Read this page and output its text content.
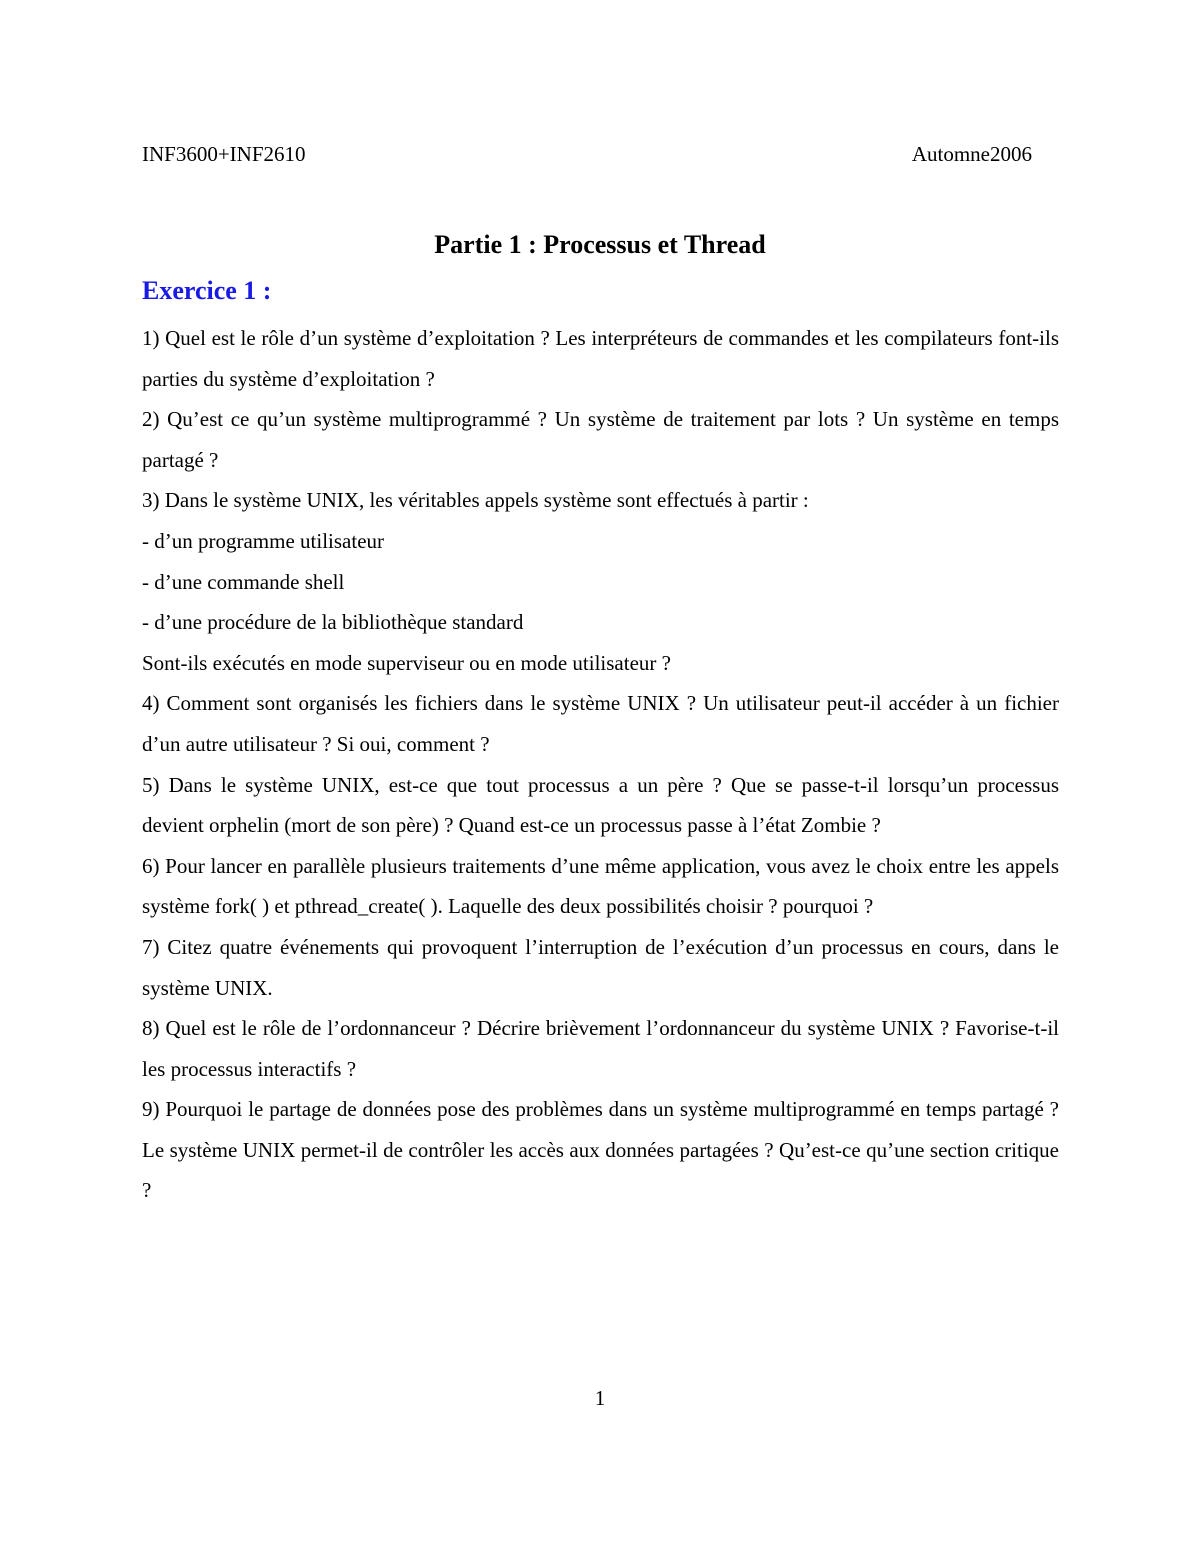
INF3600+INF2610	Automne2006
Partie 1 : Processus et Thread
Exercice 1 :

1) Quel est le rôle d’un système d’exploitation ? Les interpréteurs de commandes et les compilateurs font-ils parties du système d’exploitation ?

2) Qu’est ce qu’un système multiprogrammé ? Un système de traitement par lots ? Un système en temps partagé ?

3) Dans le système UNIX, les véritables appels système sont effectués à partir :

- d’un programme utilisateur

- d’une commande shell

- d’une procédure de la bibliothèque standard

Sont-ils exécutés en mode superviseur ou en mode utilisateur ?

4) Comment sont organisés les fichiers dans le système UNIX ? Un utilisateur peut-il accéder à un fichier d’un autre utilisateur ? Si oui, comment ?

5) Dans le système UNIX, est-ce que tout processus a un père ? Que se passe-t-il lorsqu’un processus devient orphelin (mort de son père) ? Quand est-ce un processus passe à l’état Zombie ?

6) Pour lancer en parallèle plusieurs traitements d’une même application, vous avez le choix entre les appels système fork( ) et pthread_create( ). Laquelle des deux possibilités choisir ? pourquoi ?

7) Citez quatre événements qui provoquent l’interruption de l’exécution d’un processus en cours, dans le système UNIX.

8) Quel est le rôle de l’ordonnanceur ? Décrire brièvement l’ordonnanceur du système UNIX ? Favorise-t-il les processus interactifs ?

9) Pourquoi le partage de données pose des problèmes dans un système multiprogrammé en temps partagé ? Le système UNIX permet-il de contrôler les accès aux données partagées ? Qu’est-ce qu’une section critique ?

1
